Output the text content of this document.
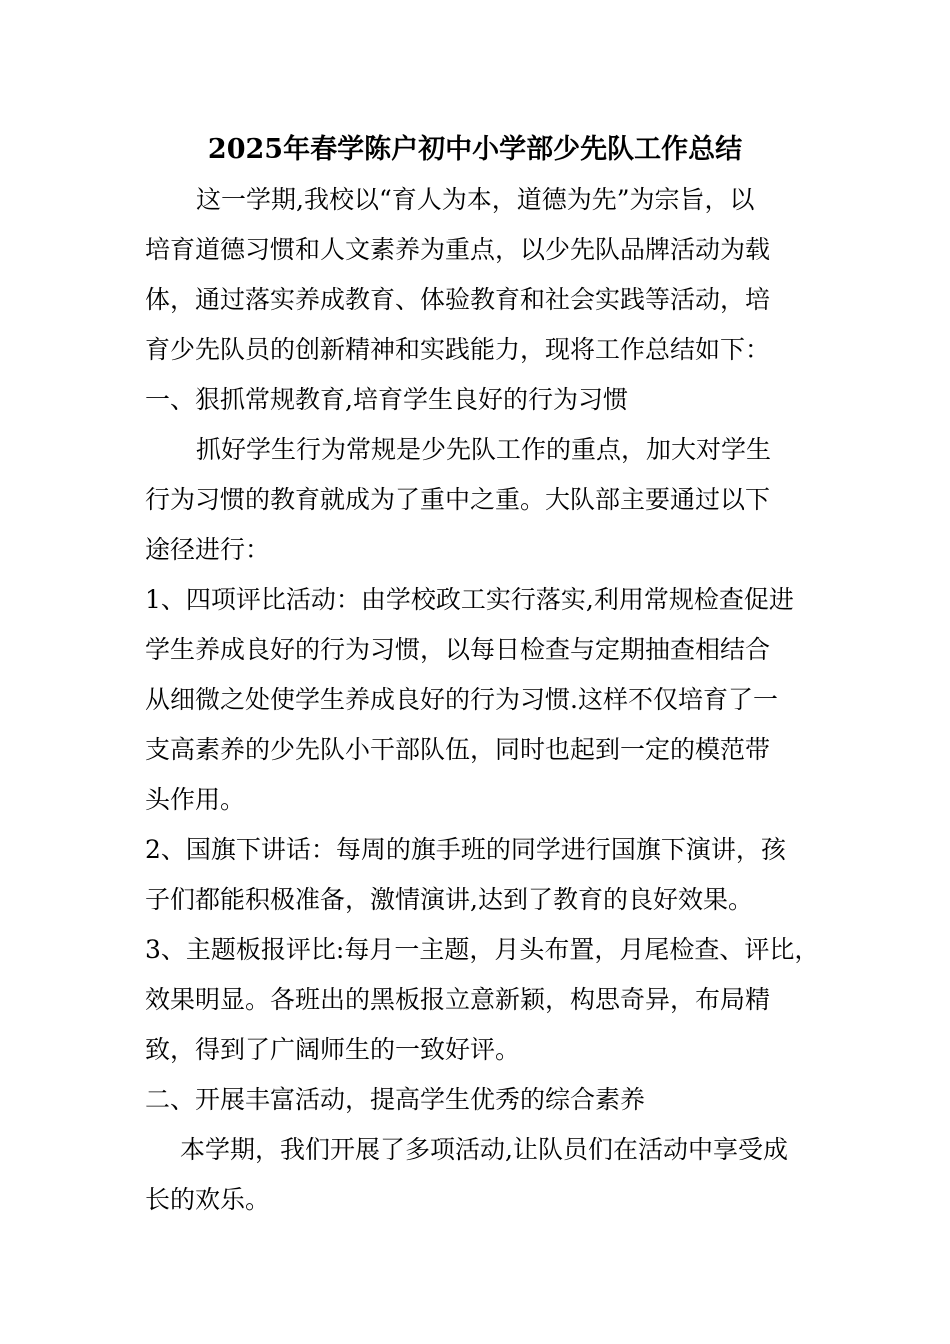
2025年春学陈户初中小学部少先队工作总结
这一学期,我校以“育人为本，道德为先”为宗旨，以
培育道德习惯和人文素养为重点，以少先队品牌活动为载
体，通过落实养成教育、体验教育和社会实践等活动，培
育少先队员的创新精神和实践能力，现将工作总结如下：
一、狠抓常规教育,培育学生良好的行为习惯
抓好学生行为常规是少先队工作的重点，加大对学生
行为习惯的教育就成为了重中之重。大队部主要通过以下
途径进行：
1、四项评比活动：由学校政工实行落实,利用常规检查促进
学生养成良好的行为习惯，以每日检查与定期抽查相结合
从细微之处使学生养成良好的行为习惯.这样不仅培育了一
支高素养的少先队小干部队伍，同时也起到一定的模范带
头作用。
2、国旗下讲话：每周的旗手班的同学进行国旗下演讲，孩
子们都能积极准备，激情演讲,达到了教育的良好效果。
3、主题板报评比:每月一主题，月头布置，月尾检查、评比，
效果明显。各班出的黑板报立意新颖，构思奇异，布局精
致，得到了广阔师生的一致好评。
二、开展丰富活动，提高学生优秀的综合素养
本学期，我们开展了多项活动,让队员们在活动中享受成
长的欢乐。
